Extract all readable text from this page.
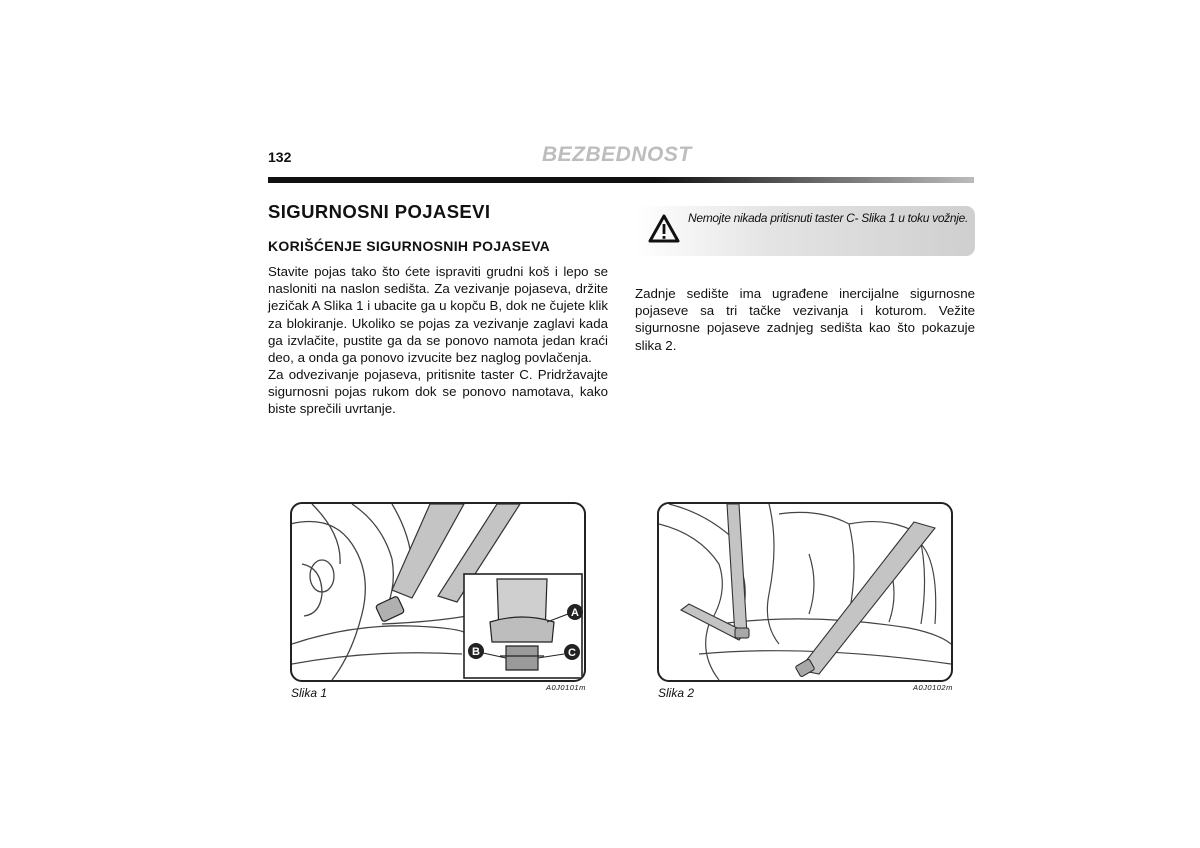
132	BEZBEDNOST
SIGURNOSNI POJASEVI
KORIŠĆENJE SIGURNOSNIH POJASEVA
Stavite pojas tako što ćete ispraviti grudni koš i lepo se nasloniti na naslon sedišta. Za vezivanje pojaseva, držite jezičak A Slika 1 i ubacite ga u kopču B, dok ne čujete klik za blokiranje. Ukoliko se pojas za vezivanje zaglavi kada ga izvlačite, pustite ga da se ponovo namota jedan kraći deo, a onda ga ponovo izvucite bez naglog povlačenja.
Za odvezivanje pojaseva, pritisnite taster C. Pridržavajte sigurnosni pojas rukom dok se ponovo namotava, kako biste sprečili uvrtanje.
Nemojte nikada pritisnuti taster C- Slika 1 u toku vožnje.
Zadnje sedište ima ugrađene inercijalne sigurnosne pojaseve sa tri tačke vezivanja i koturom. Vežite sigurnosne pojaseve zadnjeg sedišta kao što pokazuje slika 2.
A
B	C
Slika 1	A0J0101m	Slika 2	A0J0102m
